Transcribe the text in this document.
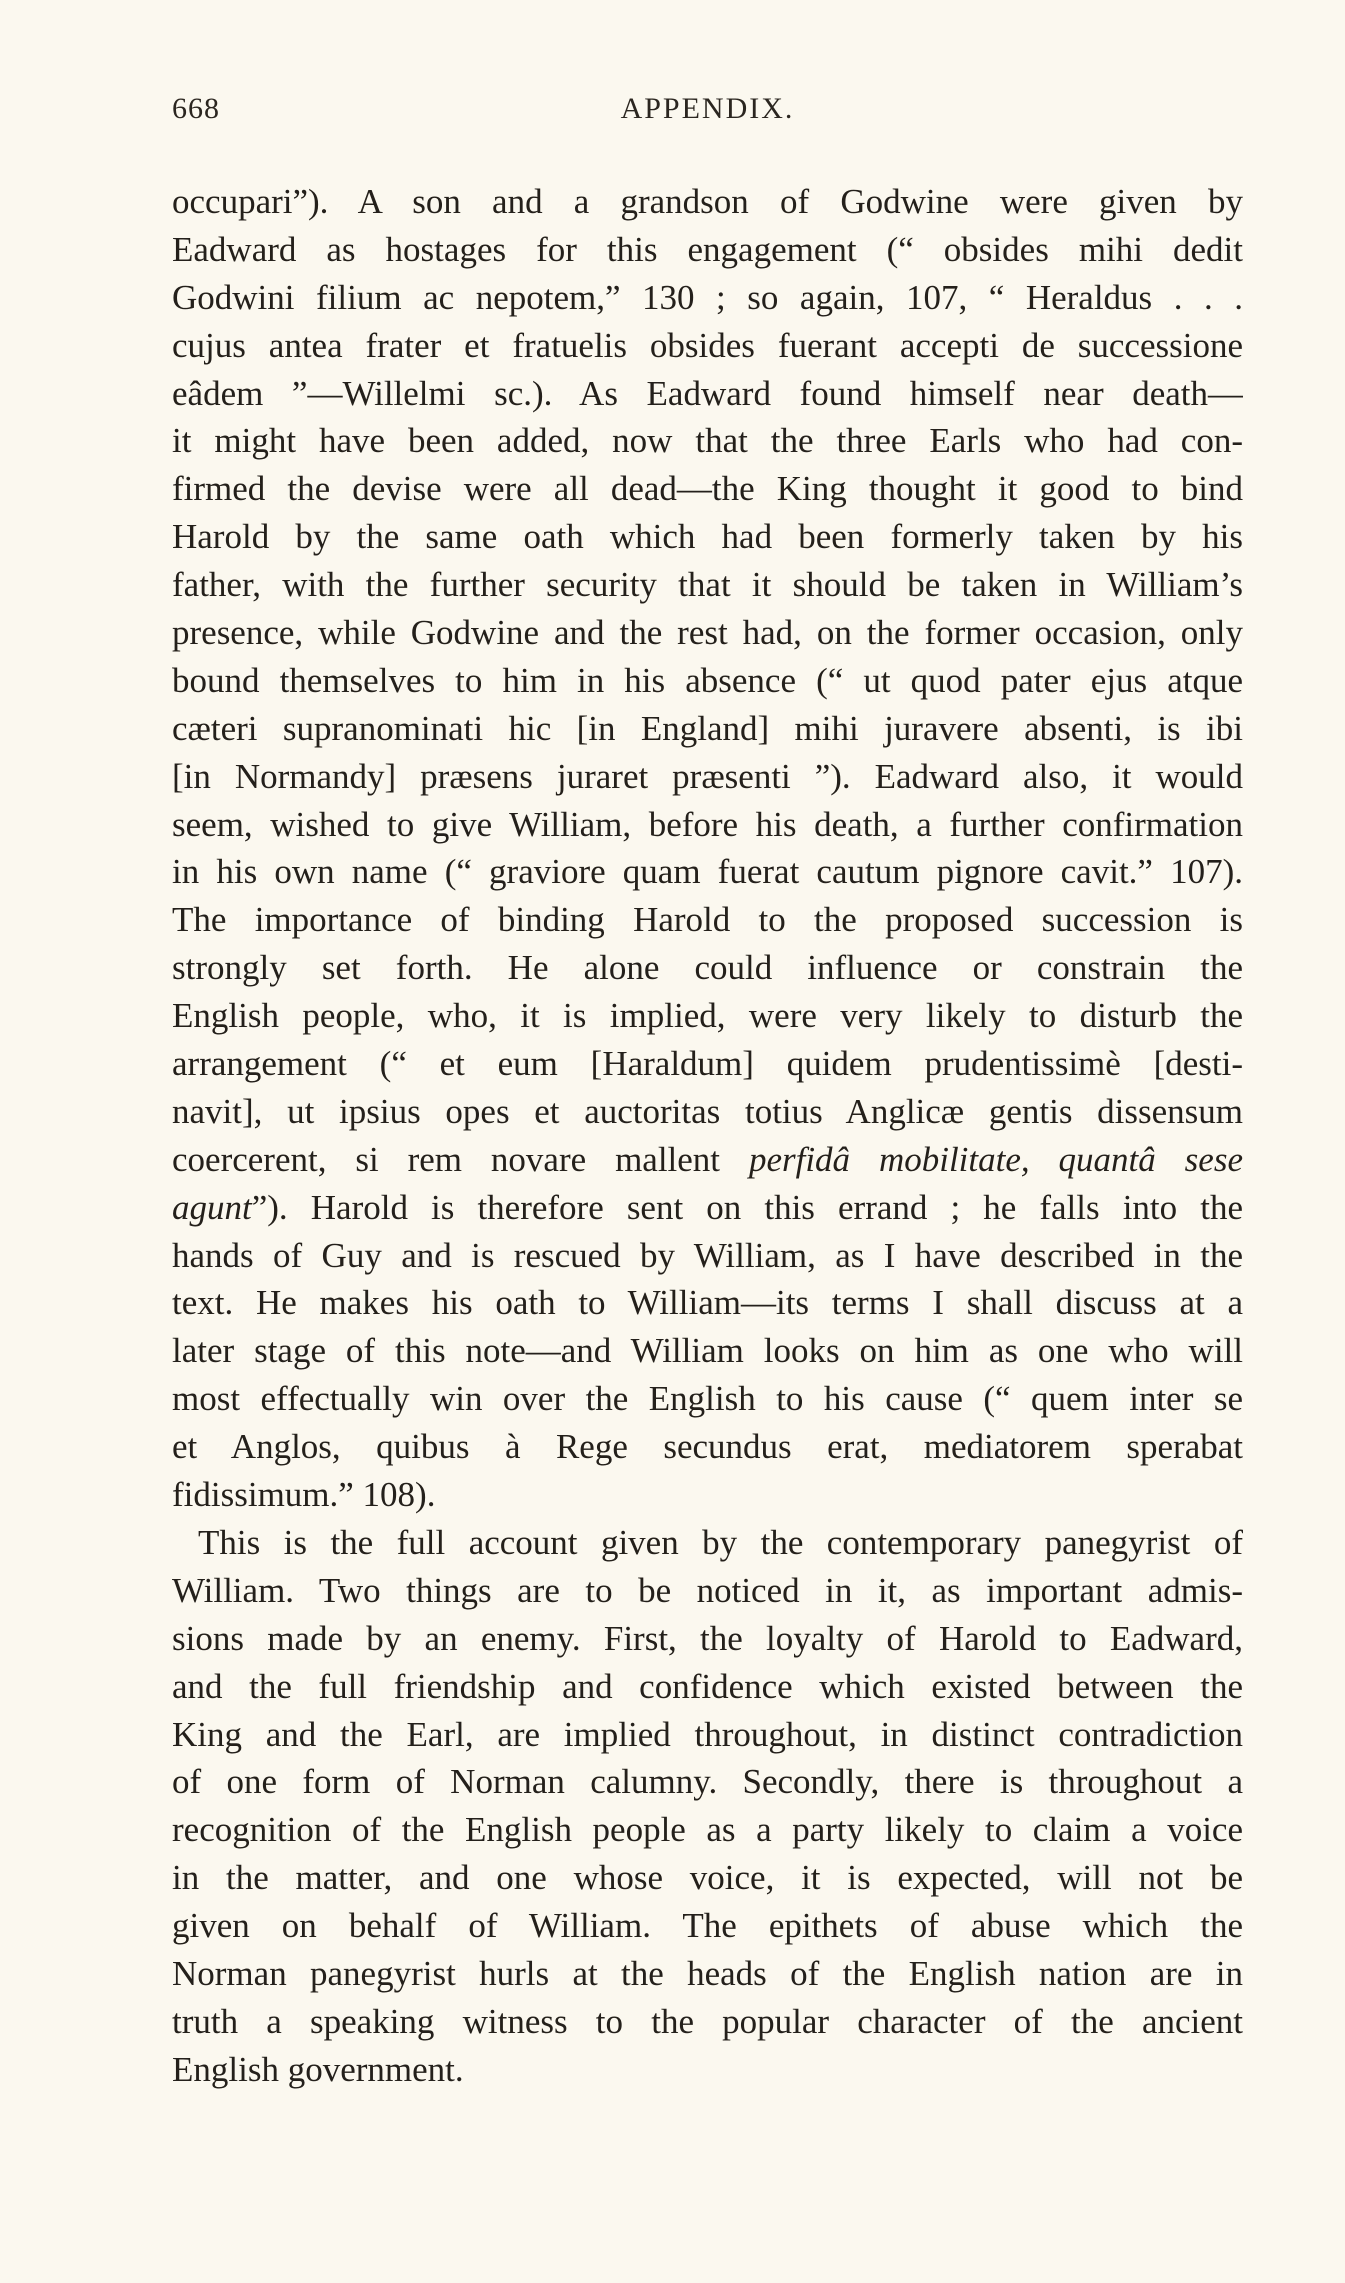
668	APPENDIX.
occupari”). A son and a grandson of Godwine were given by
Eadward as hostages for this engagement (“ obsides mihi dedit
Godwini filium ac nepotem,” 130 ; so again, 107, “ Heraldus . . .
cujus antea frater et fratuelis obsides fuerant accepti de successione
eâdem ”—Willelmi sc.). As Eadward found himself near death—
it might have been added, now that the three Earls who had con-
firmed the devise were all dead—the King thought it good to bind
Harold by the same oath which had been formerly taken by his
father, with the further security that it should be taken in William’s
presence, while Godwine and the rest had, on the former occasion, only
bound themselves to him in his absence (“ ut quod pater ejus atque
cæteri supranominati hic [in England] mihi juravere absenti, is ibi
[in Normandy] præsens juraret præsenti ”). Eadward also, it would
seem, wished to give William, before his death, a further confirmation
in his own name (“ graviore quam fuerat cautum pignore cavit.” 107).
The importance of binding Harold to the proposed succession is
strongly set forth. He alone could influence or constrain the
English people, who, it is implied, were very likely to disturb the
arrangement (“ et eum [Haraldum] quidem prudentissimè [desti-
navit], ut ipsius opes et auctoritas totius Anglicæ gentis dissensum
coercerent, si rem novare mallent perfidâ mobilitate, quantâ sese
agunt”). Harold is therefore sent on this errand ; he falls into the
hands of Guy and is rescued by William, as I have described in the
text. He makes his oath to William—its terms I shall discuss at a
later stage of this note—and William looks on him as one who will
most effectually win over the English to his cause (“ quem inter se
et Anglos, quibus à Rege secundus erat, mediatorem sperabat
fidissimum.” 108).
This is the full account given by the contemporary panegyrist of
William. Two things are to be noticed in it, as important admis-
sions made by an enemy. First, the loyalty of Harold to Eadward,
and the full friendship and confidence which existed between the
King and the Earl, are implied throughout, in distinct contradiction
of one form of Norman calumny. Secondly, there is throughout a
recognition of the English people as a party likely to claim a voice
in the matter, and one whose voice, it is expected, will not be
given on behalf of William. The epithets of abuse which the
Norman panegyrist hurls at the heads of the English nation are in
truth a speaking witness to the popular character of the ancient
English government.
